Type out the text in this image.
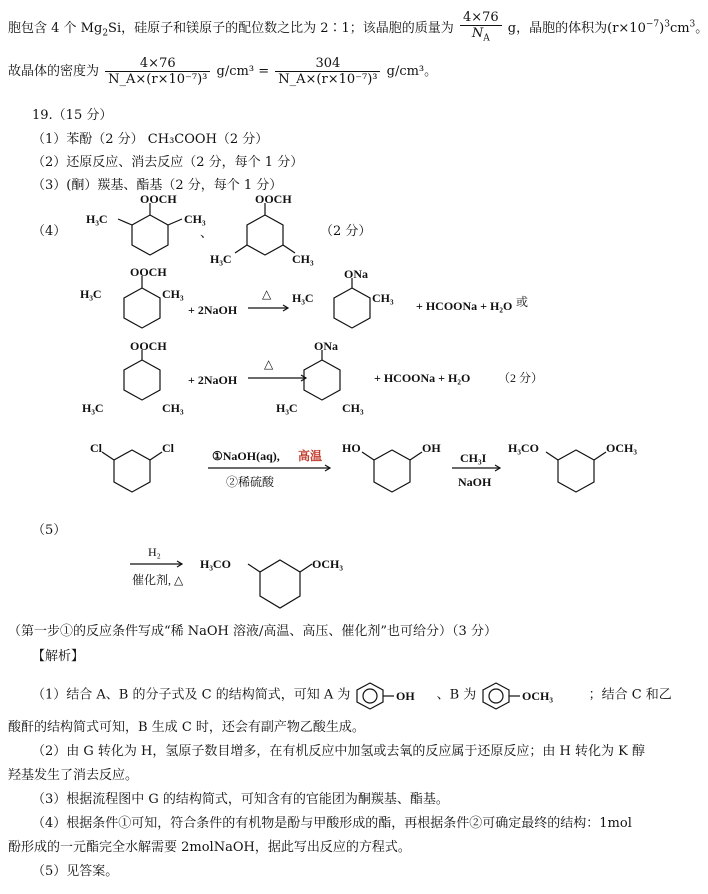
胞包含 4 个 $Mg_2Si$，硅原子和镁原子的配位数之比为 2∶1；该晶胞的质量为 $\frac{4\times 76}{N_A}$ g，晶胞的体积为$(r\times 10^{-7})^3cm^3$。
故晶体的密度为 $\frac{4\times 76}{\text{N\_A×(r×10⁻⁷)³}} g/cm^3 = \frac{304}{\text{N\_A×(r×10⁻⁷)³}} g/cm^3$。
19.（15 分）
（1）苯酚（2 分） CH₃COOH（2 分）
（2）还原反应、消去反应（2 分，每个 1 分）
（3）(酮）羰基、酯基（2 分，每个 1 分）
（4）	（2 分）
、
OOCH
H₃C	CH₃
OOCH
H₃C	CH₃
OOCH
H₃C	CH₃
+ 2NaOH
△
ONa
H₃C	CH₃
+ HCOONa + H₂O 或
OOCH
H₃C	CH₃
+ 2NaOH
△
ONa
H₃C	CH₃
+ HCOONa + H₂O （2 分）
Cl	Cl
①NaOH(aq), 高温
②稀硫酸
HO	OH
CH₃I
NaOH
H₃CO	OCH₃
（5）
H₂
催化剂, △
H₃CO	OCH₃
（第一步①的反应条件写成“稀 NaOH 溶液/高温、高压、催化剂”也可给分）（3 分）
【解析】
（1）结合 A、B 的分子式及 C 的结构简式，可知 A 为	OH 、B 为	OCH₃	；结合 C 和乙
酸酐的结构简式可知，B 生成 C 时，还会有副产物乙酸生成。
（2）由 G 转化为 H，氢原子数目增多，在有机反应中加氢或去氧的反应属于还原反应；由 H 转化为 K 醇
羟基发生了消去反应。
（3）根据流程图中 G 的结构简式，可知含有的官能团为酮羰基、酯基。
（4）根据条件①可知，符合条件的有机物是酚与甲酸形成的酯，再根据条件②可确定最终的结构：1mol
酚形成的一元酯完全水解需要 2molNaOH，据此写出反应的方程式。
（5）见答案。
